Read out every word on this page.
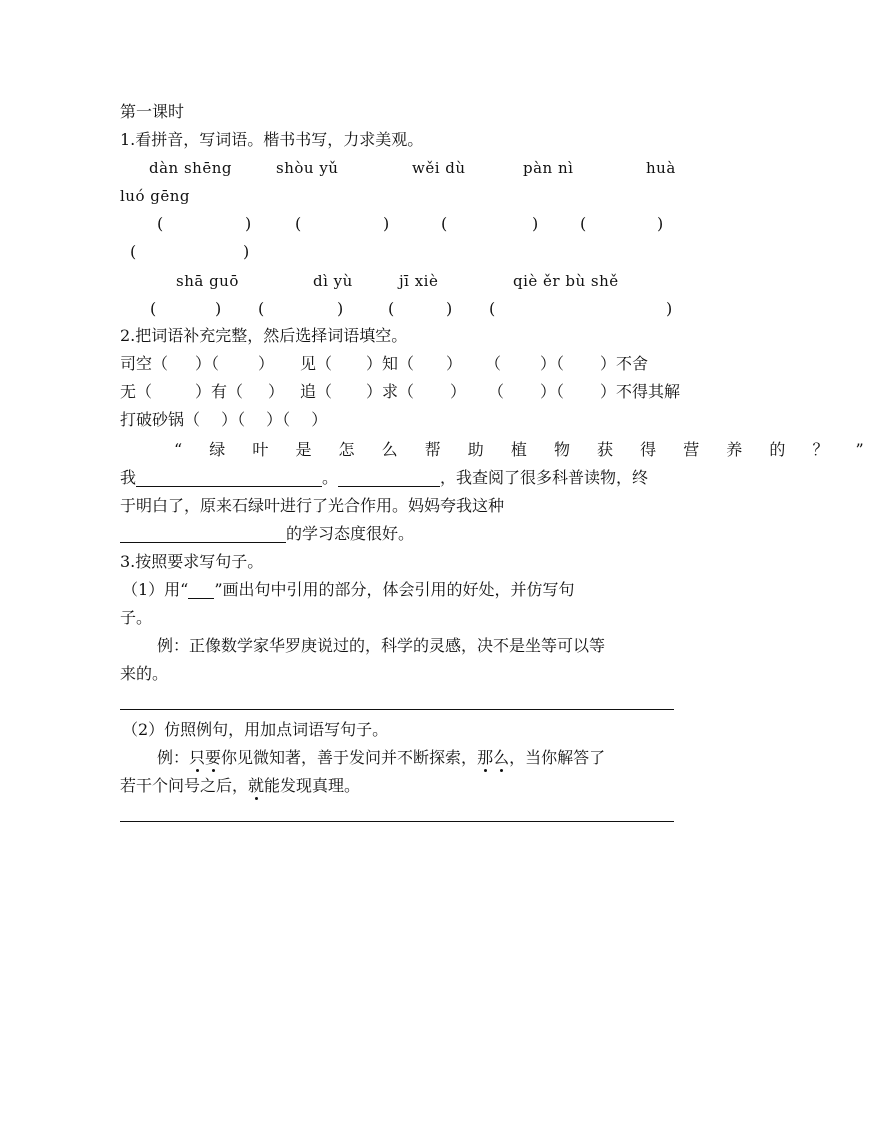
第一课时
1.看拼音，写词语。楷书书写，力求美观。
dàn shēng	shòu yǔ	wěi dù	pàn nì	huà
luó gēng
(	)	(	)	(	)	(	)
(	)
shā guō	dì yù	jī xiè	qiè ěr bù shě
(	) (	)	(	) (	)
2.把词语补充完整，然后选择词语填空。
司空（ ）（ ） 见（ ）知（ ） （ ）（ ）不舍
无（	）有（ ） 追（ ）求（ ） （ ）（ ）不得其解
打破砂锅（　 ）（　 ）（　 ）
“ 绿 叶 是 怎 么 帮 助 植 物 获 得 营 养 的 ？ ”
我	。	，我查阅了很多科普读物，终
于明白了，原来石绿叶进行了光合作用。妈妈夸我这种
的学习态度很好。
3.按照要求写句子。
（1）用“ ”画出句中引用的部分，体会引用的好处，并仿写句
子。
例：正像数学家华罗庚说过的，科学的灵感，决不是坐等可以等
来的。
（2）仿照例句，用加点词语写句子。
例：只要你见微知著，善于发问并不断探索，那么，当你解答了
若干个问号之后，就能发现真理。
